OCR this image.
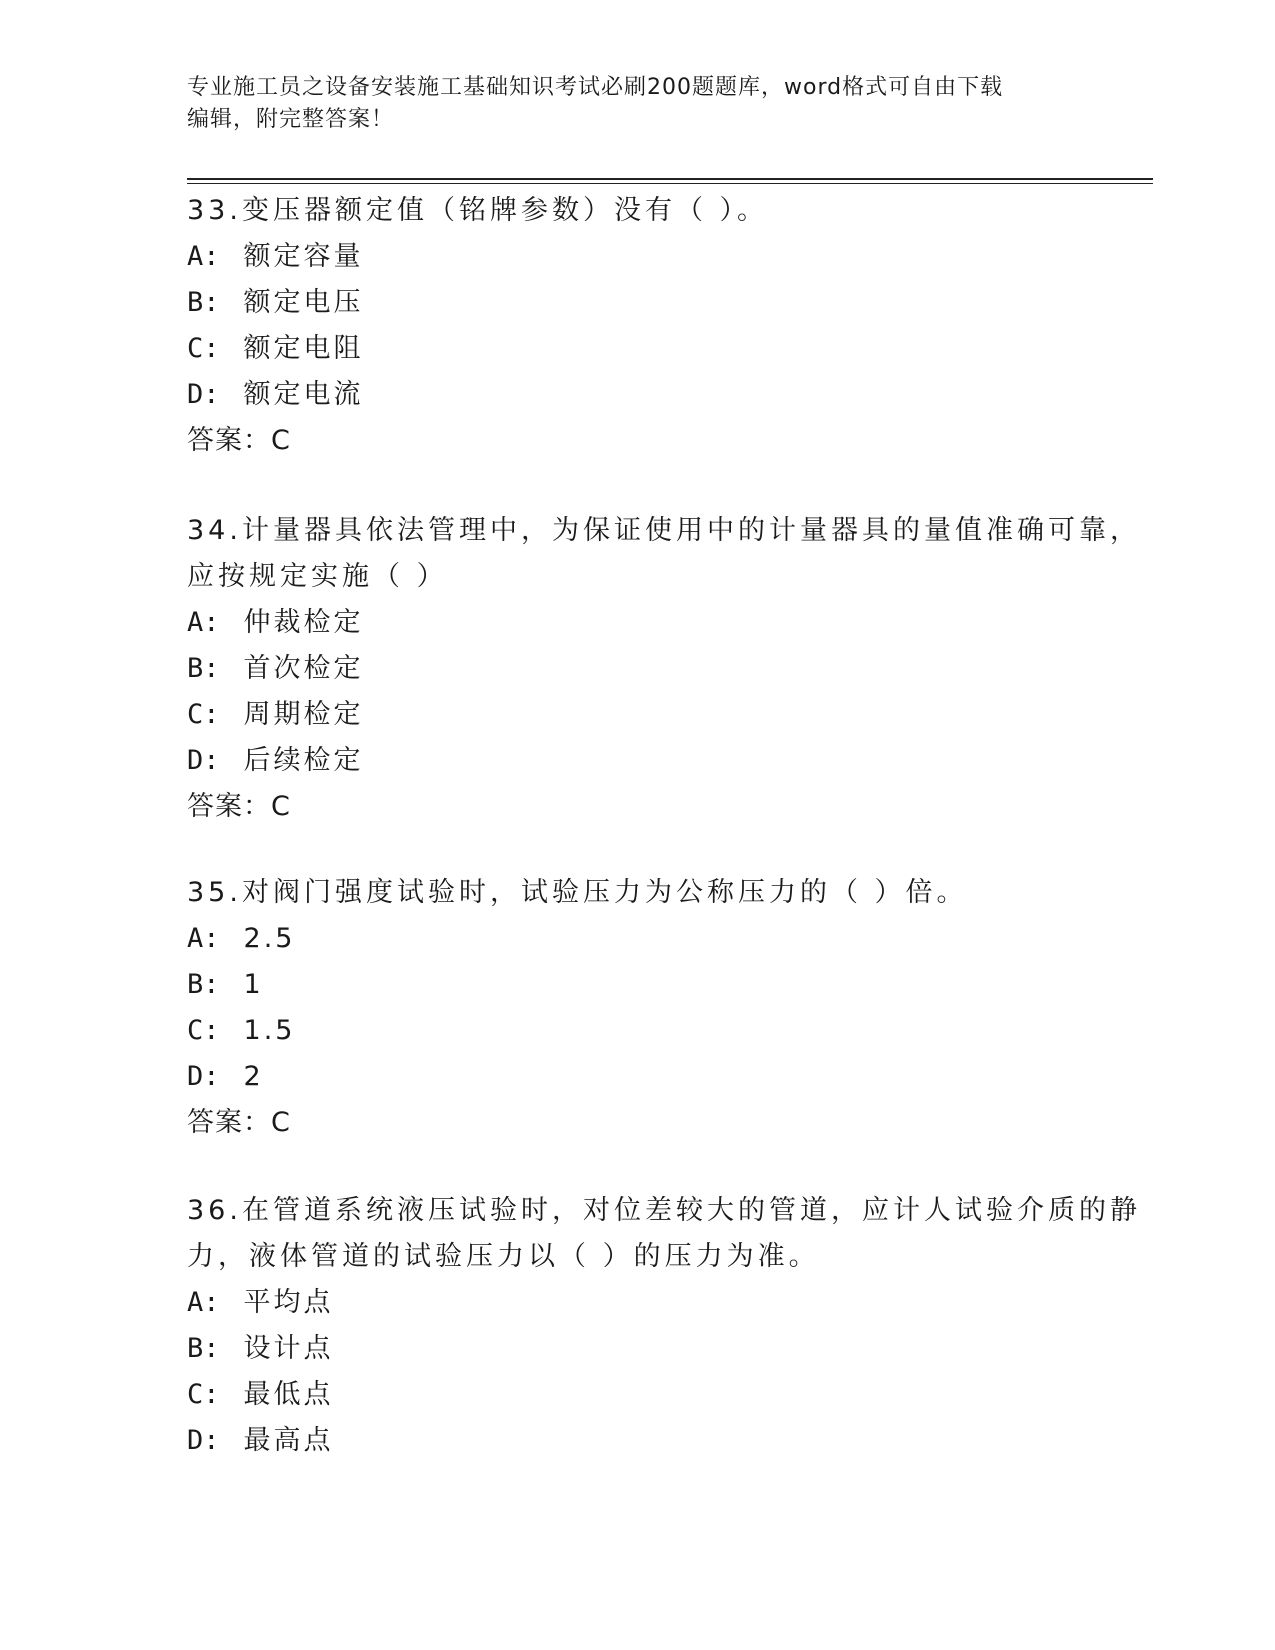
专业施工员之设备安装施工基础知识考试必刷200题题库，word格式可自由下载
编辑，附完整答案！
33.变压器额定值（铭牌参数）没有（ ）。
A: 额定容量
B: 额定电压
C: 额定电阻
D: 额定电流
答案：C
34.计量器具依法管理中，为保证使用中的计量器具的量值准确可靠，
应按规定实施（ ）
A: 仲裁检定
B: 首次检定
C: 周期检定
D: 后续检定
答案：C
35.对阀门强度试验时，试验压力为公称压力的（ ）倍。
A: 2.5
B: 1
C: 1.5
D: 2
答案：C
36.在管道系统液压试验时，对位差较大的管道，应计人试验介质的静
力，液体管道的试验压力以（ ）的压力为准。
A: 平均点
B: 设计点
C: 最低点
D: 最高点
